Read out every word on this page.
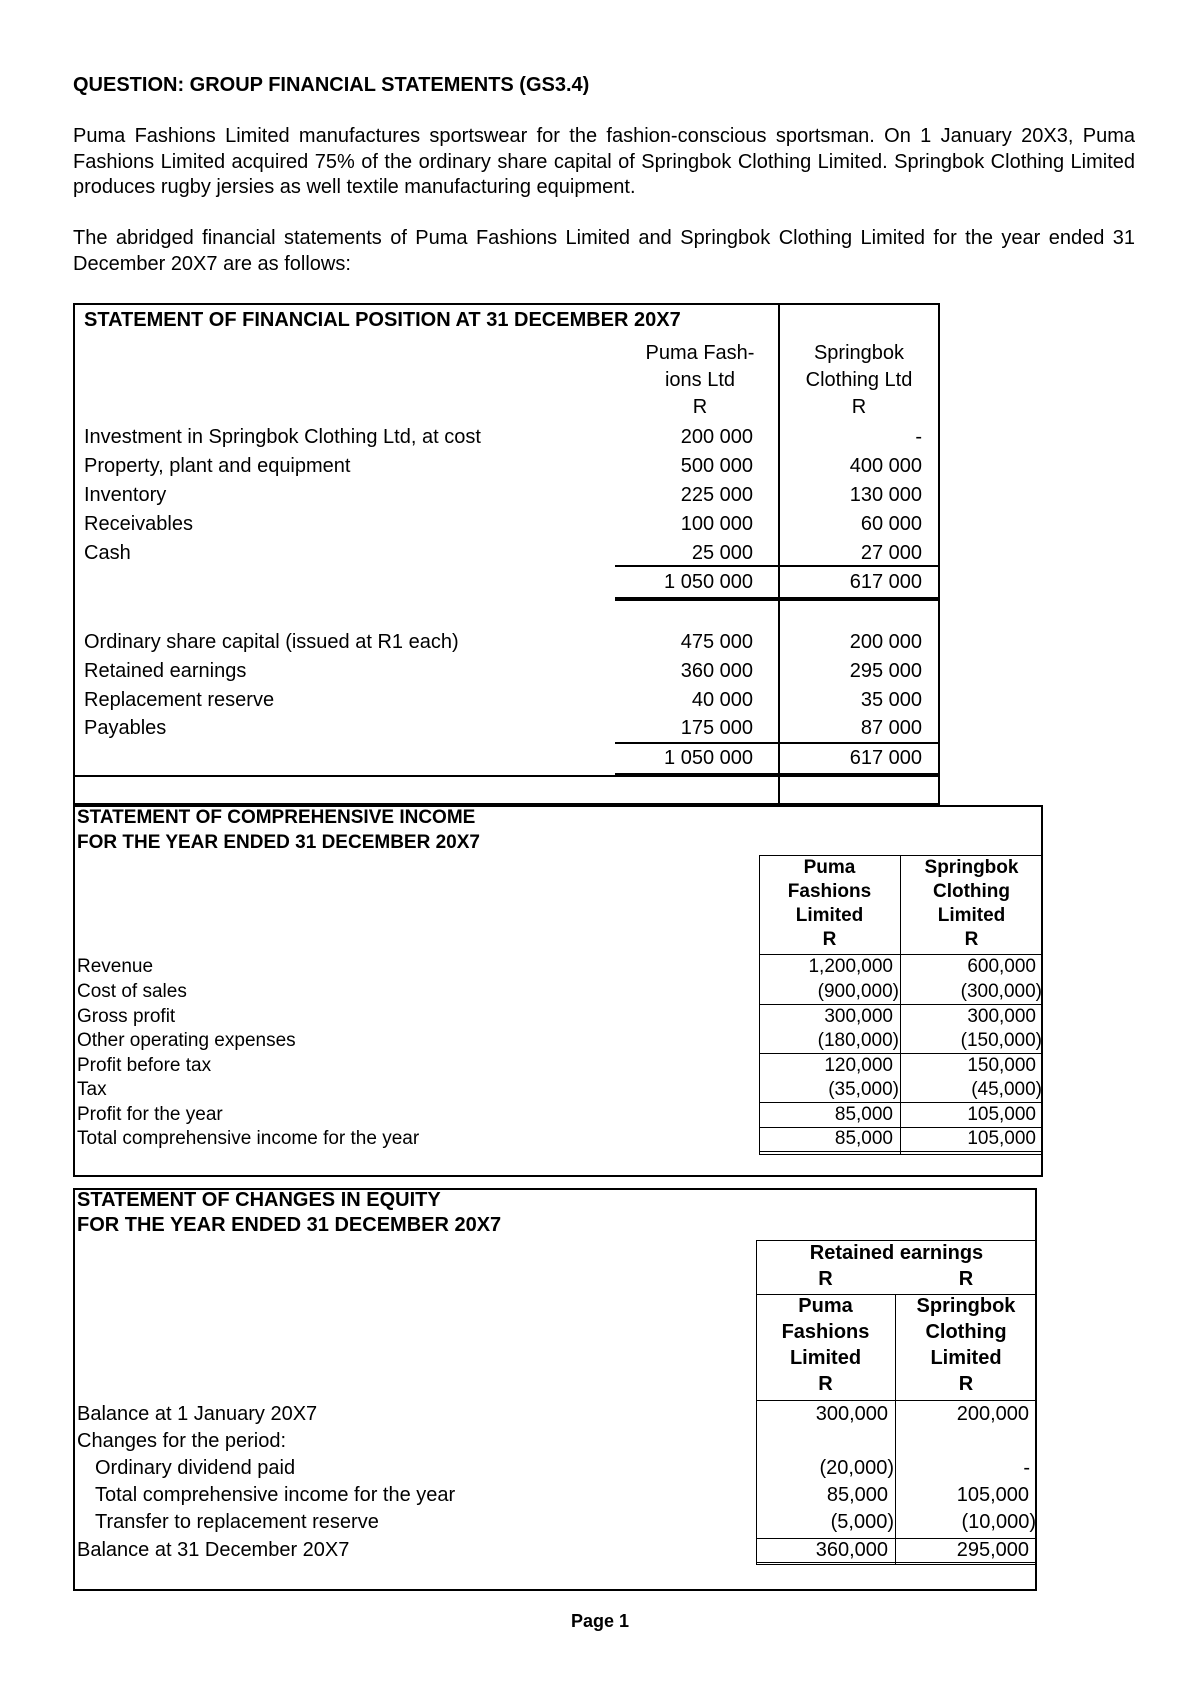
QUESTION: GROUP FINANCIAL STATEMENTS (GS3.4)
Puma Fashions Limited manufactures sportswear for the fashion-conscious sportsman. On 1 January 20X3, Puma Fashions Limited acquired 75% of the ordinary share capital of Springbok Clothing Limited. Springbok Clothing Limited produces rugby jersies as well textile manufacturing equipment.
The abridged financial statements of Puma Fashions Limited and Springbok Clothing Limited for the year ended 31 December 20X7 are as follows:
STATEMENT OF FINANCIAL POSITION AT 31 DECEMBER 20X7
Puma Fash-
ions Ltd
R
Springbok
Clothing Ltd
R
Investment in Springbok Clothing Ltd, at cost	200 000	-
Property, plant and equipment	500 000	400 000
Inventory	225 000	130 000
Receivables	100 000	60 000
Cash	25 000	27 000
1 050 000	617 000
Ordinary share capital (issued at R1 each)	475 000	200 000
Retained earnings	360 000	295 000
Replacement reserve	40 000	35 000
Payables	175 000	87 000
1 050 000	617 000
STATEMENT OF COMPREHENSIVE INCOME
FOR THE YEAR ENDED 31 DECEMBER 20X7
Puma
Fashions
Limited
R
Springbok
Clothing
Limited
R
Revenue	1,200,000	600,000
Cost of sales	(900,000)	(300,000)
Gross profit	300,000	300,000
Other operating expenses	(180,000)	(150,000)
Profit before tax	120,000	150,000
Tax	(35,000)	(45,000)
Profit for the year	85,000	105,000
Total comprehensive income for the year	85,000	105,000
STATEMENT OF CHANGES IN EQUITY
FOR THE YEAR ENDED 31 DECEMBER 20X7
Retained earnings
R	R
Puma
Fashions
Limited
R
Springbok
Clothing
Limited
R
Balance at 1 January 20X7	300,000	200,000
Changes for the period:
Ordinary dividend paid	(20,000)	-
Total comprehensive income for the year	85,000	105,000
Transfer to replacement reserve	(5,000)	(10,000)
Balance at 31 December 20X7	360,000	295,000
Page 1
